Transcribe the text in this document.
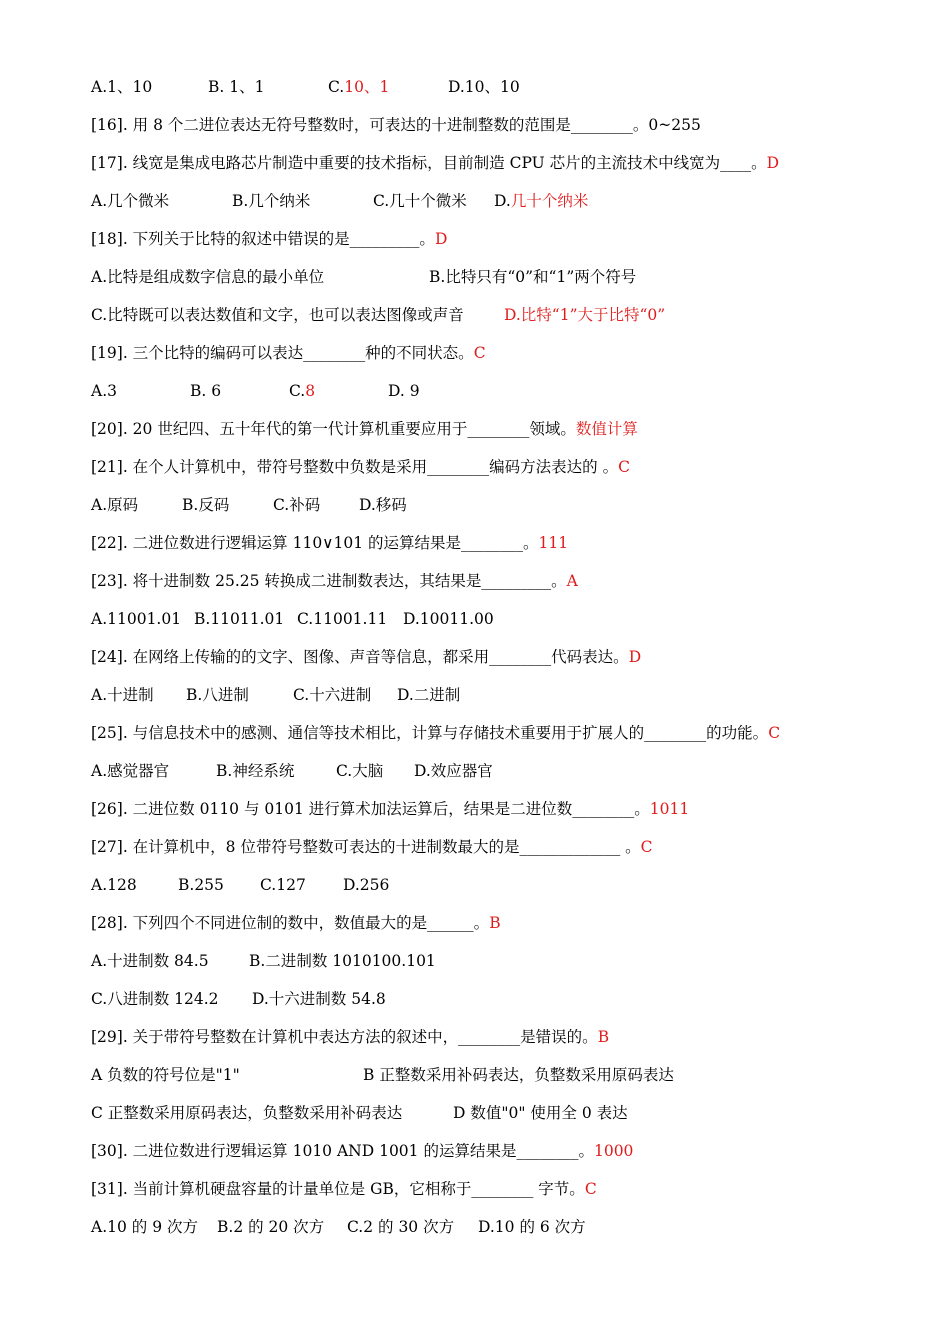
A.1、10	B. 1、1	C.10、1	D.10、10
[16]. 用 8 个二进位表达无符号整数时，可表达的十进制整数的范围是________。0~255
[17]. 线宽是集成电路芯片制造中重要的技术指标，目前制造 CPU 芯片的主流技术中线宽为____。D
A.几个微米	B.几个纳米	C.几十个微米 D.几十个纳米
[18]. 下列关于比特的叙述中错误的是_________。D
A.比特是组成数字信息的最小单位	B.比特只有“0”和“1”两个符号
C.比特既可以表达数值和文字，也可以表达图像或声音	D.比特“1”大于比特“0”
[19]. 三个比特的编码可以表达________种的不同状态。C
A.3	B. 6	C.8	D. 9
[20]. 20 世纪四、五十年代的第一代计算机重要应用于________领域。数值计算
[21]. 在个人计算机中，带符号整数中负数是采用________编码方法表达的 。C
A.原码	B.反码	C.补码	D.移码
[22]. 二进位数进行逻辑运算 110∨101 的运算结果是________。111
[23]. 将十进制数 25.25 转换成二进制数表达，其结果是_________。A
A.11001.01 B.11011.01 C.11001.11 D.10011.00
[24]. 在网络上传输的的文字、图像、声音等信息，都采用________代码表达。D
A.十进制 B.八进制	C.十六进制 D.二进制
[25]. 与信息技术中的感测、通信等技术相比，计算与存储技术重要用于扩展人的________的功能。C
A.感觉器官	B.神经系统	C.大脑 D.效应器官
[26]. 二进位数 0110 与 0101 进行算术加法运算后，结果是二进位数________。1011
[27]. 在计算机中，8 位带符号整数可表达的十进制数最大的是_____________ 。C
A.128	B.255 C.127 D.256
[28]. 下列四个不同进位制的数中，数值最大的是______。B
A.十进制数 84.5	B.二进制数 1010100.101
C.八进制数 124.2 D.十六进制数 54.8
[29]. 关于带符号整数在计算机中表达方法的叙述中，________是错误的。B
A 负数的符号位是"1"	B 正整数采用补码表达，负整数采用原码表达
C 正整数采用原码表达，负整数采用补码表达	D 数值"0" 使用全 0 表达
[30]. 二进位数进行逻辑运算 1010 AND 1001 的运算结果是________。1000
[31]. 当前计算机硬盘容量的计量单位是 GB，它相称于________ 字节。C
A.10 的 9 次方 B.2 的 20 次方 C.2 的 30 次方 D.10 的 6 次方
